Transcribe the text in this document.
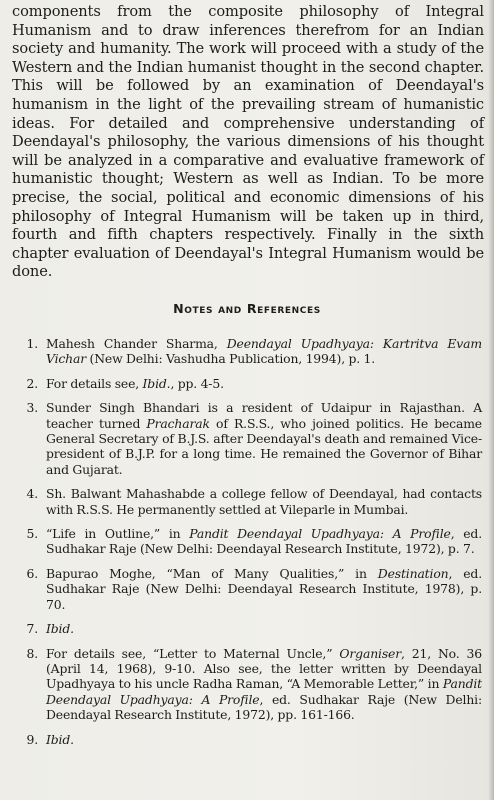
components from the composite philosophy of Integral Humanism and to draw inferences therefrom for an Indian society and humanity. The work will proceed with a study of the Western and the Indian humanist thought in the second chapter. This will be followed by an examination of Deendayal's humanism in the light of the prevailing stream of humanistic ideas. For detailed and comprehensive understanding of Deendayal's philosophy, the various dimensions of his thought will be analyzed in a comparative and evaluative framework of humanistic thought; Western as well as Indian. To be more precise, the social, political and economic dimensions of his philosophy of Integral Humanism will be taken up in third, fourth and fifth chapters respectively. Finally in the sixth chapter evaluation of Deendayal's Integral Humanism would be done.

Notes and References
1. Mahesh Chander Sharma, Deendayal Upadhyaya: Kartritva Evam Vichar (New Delhi: Vashudha Publication, 1994), p. 1.
2. For details see, Ibid., pp. 4-5.
3. Sunder Singh Bhandari is a resident of Udaipur in Rajasthan. A teacher turned Pracharak of R.S.S., who joined politics. He became General Secretary of B.J.S. after Deendayal's death and remained Vice-president of B.J.P. for a long time. He remained the Governor of Bihar and Gujarat.
4. Sh. Balwant Mahashabde a college fellow of Deendayal, had contacts with R.S.S. He permanently settled at Vileparle in Mumbai.
5. “Life in Outline,” in Pandit Deendayal Upadhyaya: A Profile, ed. Sudhakar Raje (New Delhi: Deendayal Research Institute, 1972), p. 7.
6. Bapurao Moghe, “Man of Many Qualities,” in Destination, ed. Sudhakar Raje (New Delhi: Deendayal Research Institute, 1978), p. 70.
7. Ibid.
8. For details see, “Letter to Maternal Uncle,” Organiser, 21, No. 36 (April 14, 1968), 9-10. Also see, the letter written by Deendayal Upadhyaya to his uncle Radha Raman, “A Memorable Letter,” in Pandit Deendayal Upadhyaya: A Profile, ed. Sudhakar Raje (New Delhi: Deendayal Research Institute, 1972), pp. 161-166.
9. Ibid.
